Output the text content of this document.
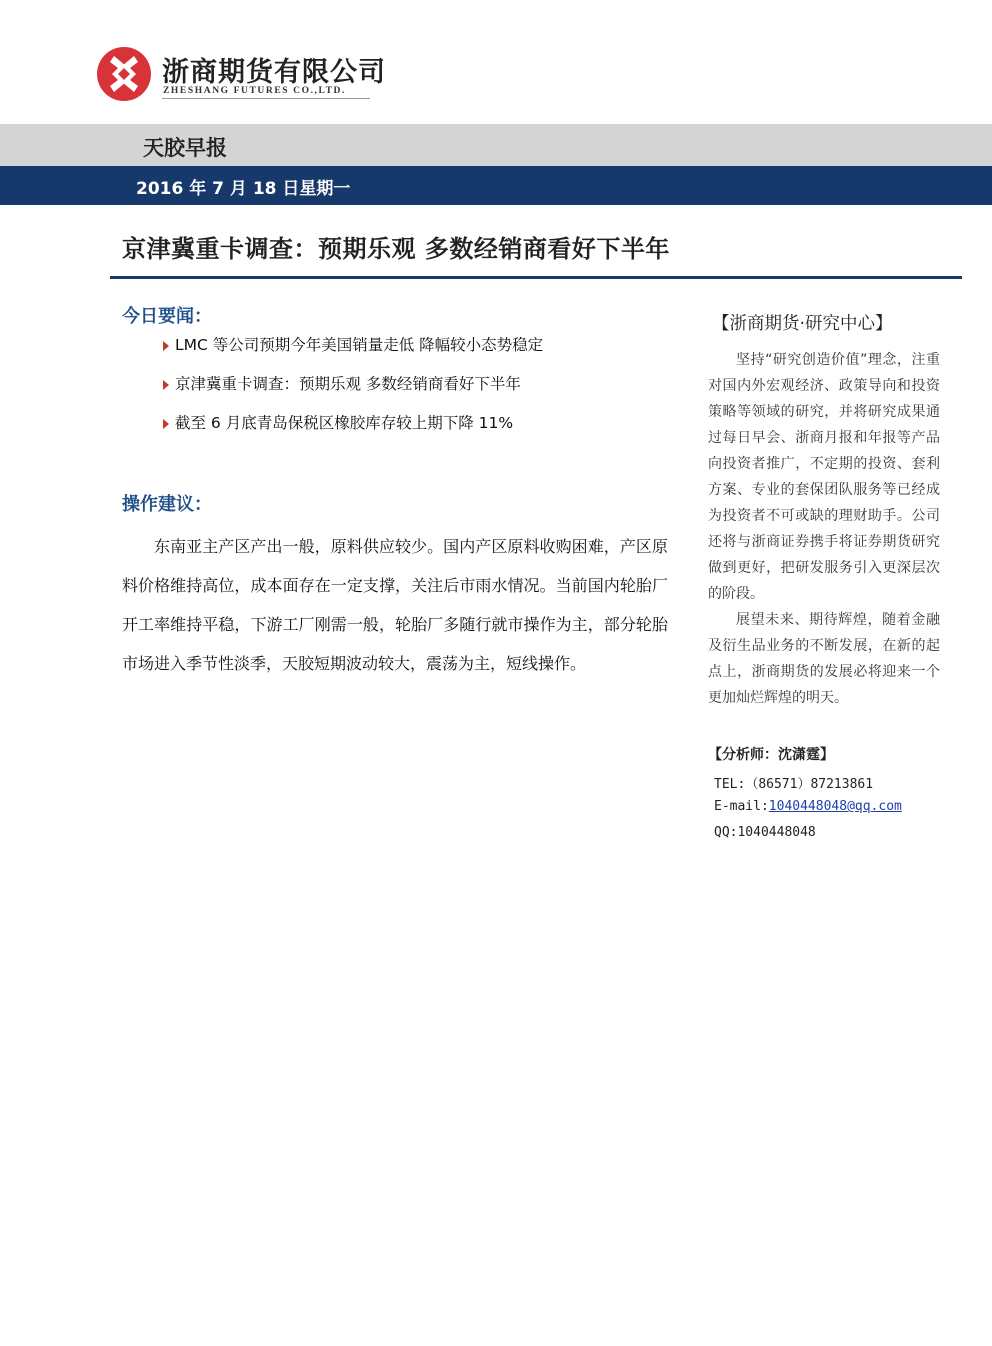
浙商期货有限公司

ZHESHANG FUTURES CO.,LTD.

天胶早报

2016 年 7 月 18 日星期一

京津冀重卡调查：预期乐观 多数经销商看好下半年
今日要闻：
LMC 等公司预期今年美国销量走低 降幅较小态势稳定
京津冀重卡调查：预期乐观 多数经销商看好下半年
截至 6 月底青岛保税区橡胶库存较上期下降 11%
操作建议：

东南亚主产区产出一般，原料供应较少。国内产区原料收购困难，产区原料价格维持高位，成本面存在一定支撑，关注后市雨水情况。当前国内轮胎厂开工率维持平稳，下游工厂刚需一般，轮胎厂多随行就市操作为主，部分轮胎市场进入季节性淡季，天胶短期波动较大，震荡为主，短线操作。

【浙商期货·研究中心】

坚持“研究创造价值”理念，注重对国内外宏观经济、政策导向和投资策略等领域的研究，并将研究成果通过每日早会、浙商月报和年报等产品向投资者推广，不定期的投资、套利方案、专业的套保团队服务等已经成为投资者不可或缺的理财助手。公司还将与浙商证券携手将证券期货研究做到更好，把研发服务引入更深层次的阶段。

展望未来、期待辉煌，随着金融及衍生品业务的不断发展，在新的起点上，浙商期货的发展必将迎来一个更加灿烂辉煌的明天。

【分析师：沈潇霆】

TEL:（86571）87213861

E-mail:1040448048@qq.com

QQ:1040448048
